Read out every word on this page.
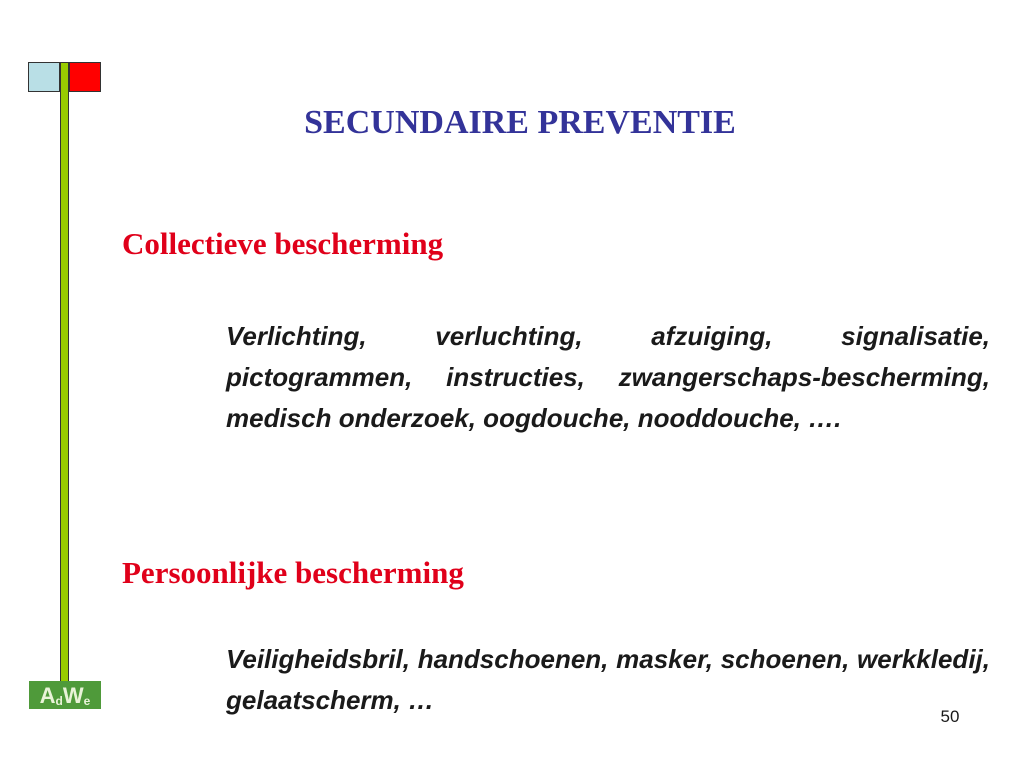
A d W e
SECUNDAIRE PREVENTIE
Collectieve bescherming

Verlichting, verluchting, afzuiging, signalisatie, pictogrammen, instructies, zwangerschaps-bescherming, medisch onderzoek, oogdouche, nooddouche, ….

Persoonlijke bescherming

Veiligheidsbril, handschoenen, masker, schoenen, werkkledij, gelaatscherm, …

50
